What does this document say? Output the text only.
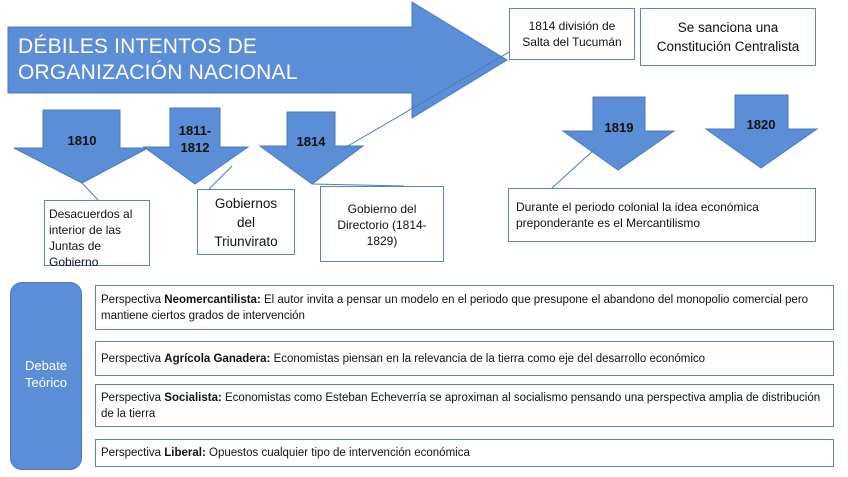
DÉBILES INTENTOS DE ORGANIZACIÓN NACIONAL
1810
1811-1812	1814
1819	1820
Desacuerdos al interior de las Juntas de Gobierno
Gobiernos del Triunvirato
Gobierno del Directorio (1814-1829)
1814 división de Salta del Tucumán
Se sanciona una Constitución Centralista
Durante el periodo colonial la idea económica preponderante es el Mercantilismo
Debate Teórico
Perspectiva Neomercantilista: El autor invita a pensar un modelo en el periodo que presupone el abandono del monopolio comercial pero mantiene ciertos grados de intervención
Perspectiva Agrícola Ganadera: Economistas piensan en la relevancia de la tierra como eje del desarrollo económico
Perspectiva Socialista: Economistas como Esteban Echeverría se aproximan al socialismo pensando una perspectiva amplia de distribución de la tierra
Perspectiva Liberal: Opuestos cualquier tipo de intervención económica
